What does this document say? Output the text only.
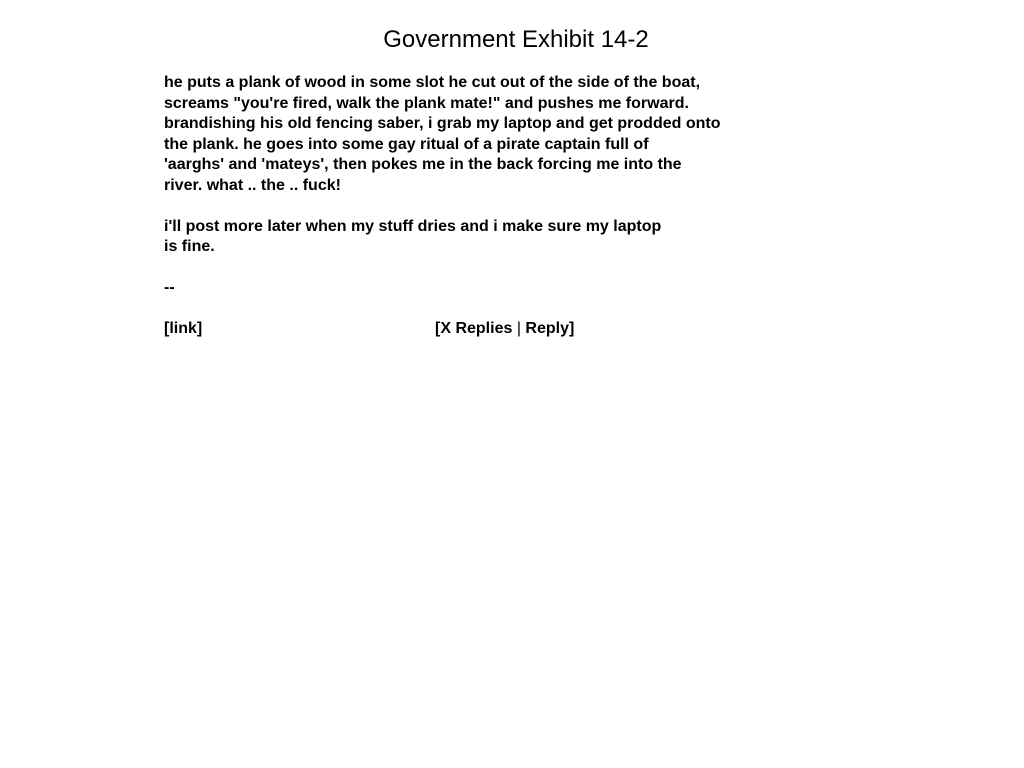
Government Exhibit 14-2

he puts a plank of wood in some slot he cut out of the side of the boat,
screams "you're fired, walk the plank mate!" and pushes me forward.
brandishing his old fencing saber, i grab my laptop and get prodded onto
the plank. he goes into some gay ritual of a pirate captain full of
'aarghs' and 'mateys', then pokes me in the back forcing me into the
river. what .. the .. fuck!

i'll post more later when my stuff dries and i make sure my laptop
is fine.

--

[link]	[X Replies | Reply]
